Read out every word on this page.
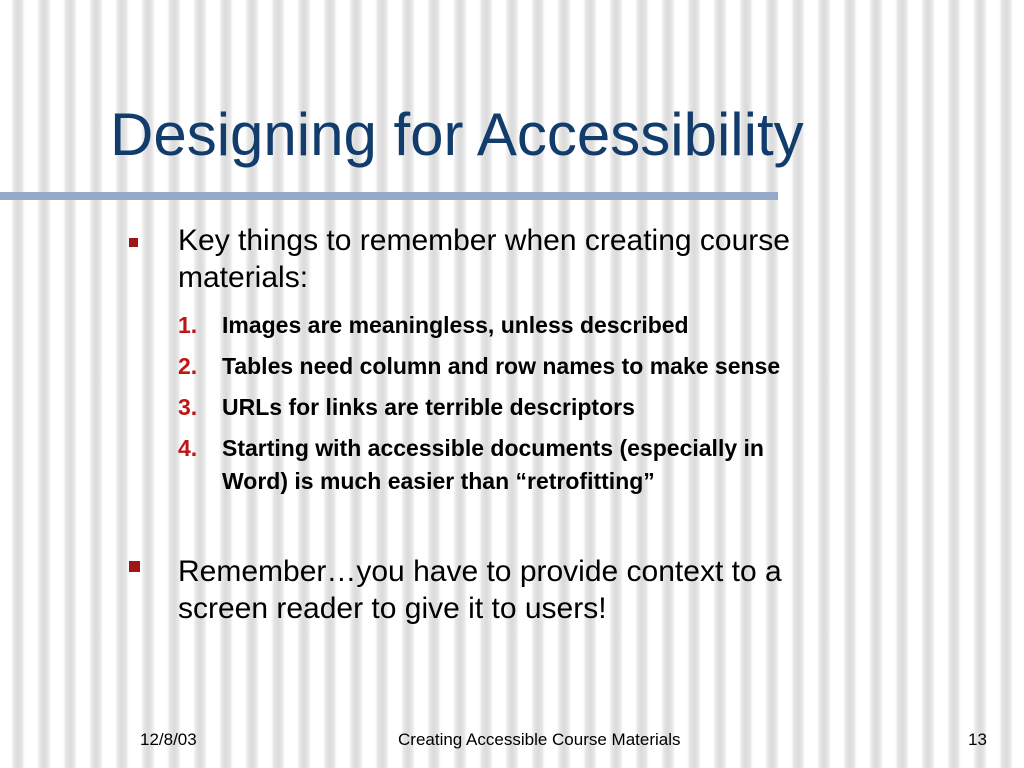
Designing for Accessibility
Key things to remember when creating course
materials:
1. Images are meaningless, unless described
2. Tables need column and row names to make sense
3. URLs for links are terrible descriptors
4. Starting with accessible documents (especially in
Word) is much easier than “retrofitting”
Remember…you have to provide context to a
screen reader to give it to users!
12/8/03	Creating Accessible Course Materials	13
